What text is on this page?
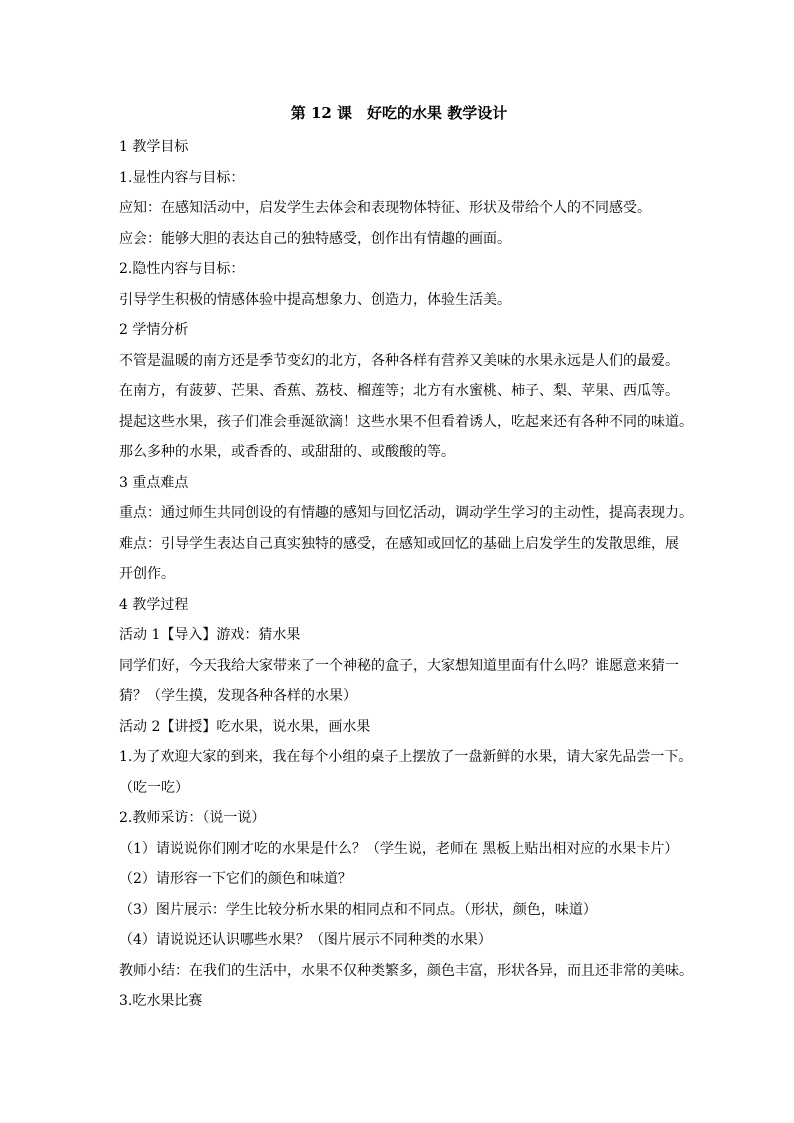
第 12 课　好吃的水果 教学设计

1 教学目标

1.显性内容与目标：

应知：在感知活动中，启发学生去体会和表现物体特征、形状及带给个人的不同感受。

应会：能够大胆的表达自己的独特感受，创作出有情趣的画面。

2.隐性内容与目标：

引导学生积极的情感体验中提高想象力、创造力，体验生活美。

2 学情分析

不管是温暖的南方还是季节变幻的北方，各种各样有营养又美味的水果永远是人们的最爱。

在南方，有菠萝、芒果、香蕉、荔枝、榴莲等；北方有水蜜桃、柿子、梨、苹果、西瓜等。

提起这些水果，孩子们准会垂涎欲滴！这些水果不但看着诱人，吃起来还有各种不同的味道。

那么多种的水果，或香香的、或甜甜的、或酸酸的等。

3 重点难点

重点：通过师生共同创设的有情趣的感知与回忆活动，调动学生学习的主动性，提高表现力。

难点：引导学生表达自己真实独特的感受，在感知或回忆的基础上启发学生的发散思维，展

开创作。

4 教学过程

活动 1【导入】游戏：猜水果

同学们好，今天我给大家带来了一个神秘的盒子，大家想知道里面有什么吗？谁愿意来猜一

猜？（学生摸，发现各种各样的水果）

活动 2【讲授】吃水果，说水果，画水果

1.为了欢迎大家的到来，我在每个小组的桌子上摆放了一盘新鲜的水果，请大家先品尝一下。

（吃一吃）

2.教师采访：（说一说）

（1）请说说你们刚才吃的水果是什么？（学生说，老师在 黑板上贴出相对应的水果卡片）

（2）请形容一下它们的颜色和味道？

（3）图片展示：学生比较分析水果的相同点和不同点。（形状，颜色，味道）

（4）请说说还认识哪些水果？（图片展示不同种类的水果）

教师小结：在我们的生活中，水果不仅种类繁多，颜色丰富，形状各异，而且还非常的美味。

3.吃水果比赛
